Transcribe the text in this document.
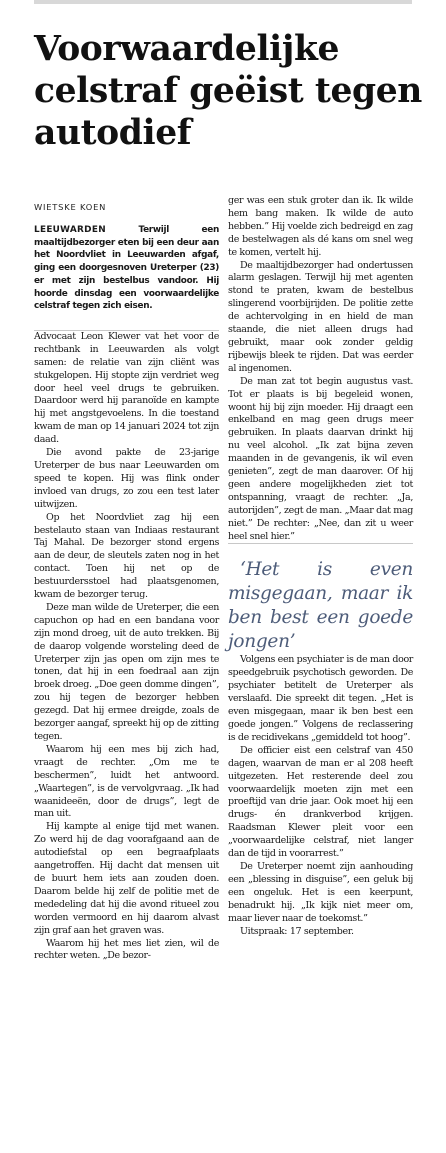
Voorwaardelijke celstraf geëist tegen autodief
WIETSKE KOEN

LEEUWARDEN	Terwijl een maaltijdbezorger eten bij een deur aan het Noordvliet in Leeuwarden afgaf, ging een doorgesnoven Ureterper (23) er met zijn bestelbus vandoor. Hij hoorde dinsdag een voorwaardelijke celstraf tegen zich eisen.

Advocaat Leon Klewer vat het voor de rechtbank in Leeuwarden als volgt samen: de relatie van zijn cliënt was stukgelopen. Hij stopte zijn verdriet weg door heel veel drugs te gebruiken. Daardoor werd hij paranoïde en kampte hij met angstgevoelens. In die toestand kwam de man op 14 januari 2024 tot zijn daad.

Die avond pakte de 23-jarige Ureterper de bus naar Leeuwarden om speed te kopen. Hij was flink onder invloed van drugs, zo zou een test later uitwijzen.

Op het Noordvliet zag hij een bestelauto staan van Indiaas restaurant Taj Mahal. De bezorger stond ergens aan de deur, de sleutels zaten nog in het contact. Toen hij net op de bestuurdersstoel had plaatsgenomen, kwam de bezorger terug.

Deze man wilde de Ureterper, die een capuchon op had en een bandana voor zijn mond droeg, uit de auto trekken. Bij de daarop volgende worsteling deed de Ureterper zijn jas open om zijn mes te tonen, dat hij in een foedraal aan zijn broek droeg. „Doe geen domme dingen”, zou hij tegen de bezorger hebben gezegd. Dat hij ermee dreigde, zoals de bezorger aangaf, spreekt hij op de zitting tegen.

Waarom hij een mes bij zich had, vraagt de rechter. „Om me te beschermen”, luidt het antwoord. „Waartegen”, is de vervolgvraag. „Ik had waanideeën, door de drugs”, legt de man uit.

Hij kampte al enige tijd met wanen. Zo werd hij de dag voorafgaand aan de autodiefstal op een begraafplaats aangetroffen. Hij dacht dat mensen uit de buurt hem iets aan zouden doen. Daarom belde hij zelf de politie met de mededeling dat hij die avond ritueel zou worden vermoord en hij daarom alvast zijn graf aan het graven was.

Waarom hij het mes liet zien, wil de rechter weten. „De bezor-

ger was een stuk groter dan ik. Ik wilde hem bang maken. Ik wilde de auto hebben.” Hij voelde zich bedreigd en zag de bestelwagen als dé kans om snel weg te komen, vertelt hij.

De maaltijdbezorger had ondertussen alarm geslagen. Terwijl hij met agenten stond te praten, kwam de bestelbus slingerend voorbijrijden. De politie zette de achtervolging in en hield de man staande, die niet alleen drugs had gebruikt, maar ook zonder geldig rijbewijs bleek te rijden. Dat was eerder al ingenomen.

De man zat tot begin augustus vast. Tot er plaats is bij begeleid wonen, woont hij bij zijn moeder. Hij draagt een enkelband en mag geen drugs meer gebruiken. In plaats daarvan drinkt hij nu veel alcohol. „Ik zat bijna zeven maanden in de gevangenis, ik wil even genieten”, zegt de man daarover. Of hij geen andere mogelijkheden ziet tot ontspanning, vraagt de rechter. „Ja, autorijden”, zegt de man. „Maar dat mag niet.” De rechter: „Nee, dan zit u weer heel snel hier.”

‘Het is even misgegaan, maar ik ben best een goede jongen’

Volgens een psychiater is de man door speedgebruik psychotisch geworden. De psychiater betitelt de Ureterper als verslaafd. Die spreekt dit tegen. „Het is even misgegaan, maar ik ben best een goede jongen.” Volgens de reclassering is de recidivekans „gemiddeld tot hoog”.

De officier eist een celstraf van 450 dagen, waarvan de man er al 208 heeft uitgezeten. Het resterende deel zou voorwaardelijk moeten zijn met een proeftijd van drie jaar. Ook moet hij een drugs- én drankverbod krijgen. Raadsman Klewer pleit voor een „voorwaardelijke celstraf, niet langer dan de tijd in voorarrest.”

De Ureterper noemt zijn aanhouding een „blessing in disguise”, een geluk bij een ongeluk. Het is een keerpunt, benadrukt hij. „Ik kijk niet meer om, maar liever naar de toekomst.”

Uitspraak: 17 september.
